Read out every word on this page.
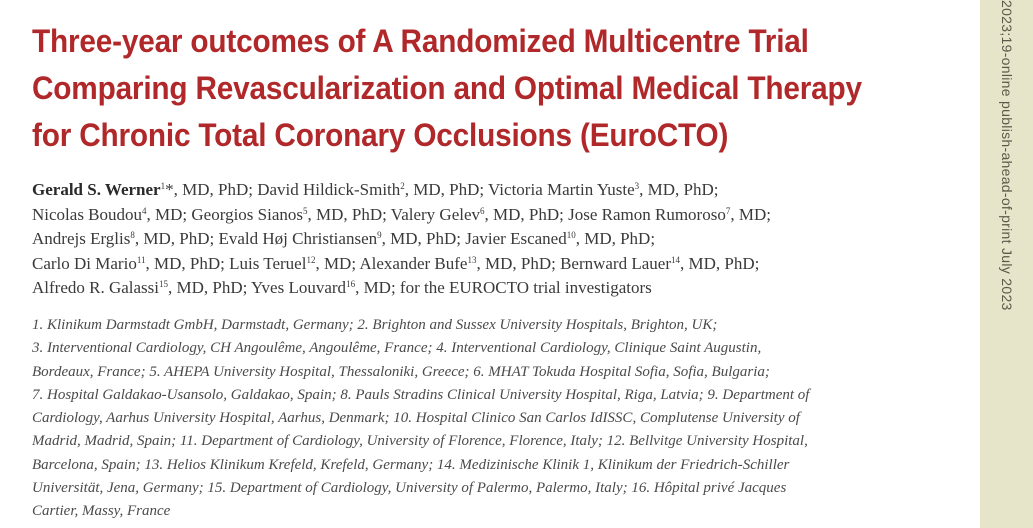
Three-year outcomes of A Randomized Multicentre Trial
Comparing Revascularization and Optimal Medical Therapy
for Chronic Total Coronary Occlusions (EuroCTO)
Gerald S. Werner$^1$*, MD, PhD; David Hildick-Smith$^2$, MD, PhD; Victoria Martin Yuste$^3$, MD, PhD;
Nicolas Boudou$^4$, MD; Georgios Sianos$^5$, MD, PhD; Valery Gelev$^6$, MD, PhD; Jose Ramon Rumoroso$^7$, MD;
Andrejs Erglis$^8$, MD, PhD; Evald Høj Christiansen$^9$, MD, PhD; Javier Escaned$^{10}$, MD, PhD;
Carlo Di Mario$^{11}$, MD, PhD; Luis Teruel$^{12}$, MD; Alexander Bufe$^{13}$, MD, PhD; Bernward Lauer$^{14}$, MD, PhD;
Alfredo R. Galassi$^{15}$, MD, PhD; Yves Louvard$^{16}$, MD; for the EUROCTO trial investigators
1. Klinikum Darmstadt GmbH, Darmstadt, Germany; 2. Brighton and Sussex University Hospitals, Brighton, UK;
3. Interventional Cardiology, CH Angoulême, Angoulême, France; 4. Interventional Cardiology, Clinique Saint Augustin,
Bordeaux, France; 5. AHEPA University Hospital, Thessaloniki, Greece; 6. MHAT Tokuda Hospital Sofia, Sofia, Bulgaria;
7. Hospital Galdakao-Usansolo, Galdakao, Spain; 8. Pauls Stradins Clinical University Hospital, Riga, Latvia; 9. Department of
Cardiology, Aarhus University Hospital, Aarhus, Denmark; 10. Hospital Clinico San Carlos IdISSC, Complutense University of
Madrid, Madrid, Spain; 11. Department of Cardiology, University of Florence, Florence, Italy; 12. Bellvitge University Hospital,
Barcelona, Spain; 13. Helios Klinikum Krefeld, Krefeld, Germany; 14. Medizinische Klinik 1, Klinikum der Friedrich-Schiller
Universität, Jena, Germany; 15. Department of Cardiology, University of Palermo, Palermo, Italy; 16. Hôpital privé Jacques
Cartier, Massy, France
2023;19-online publish-ahead-of-print July 2023
